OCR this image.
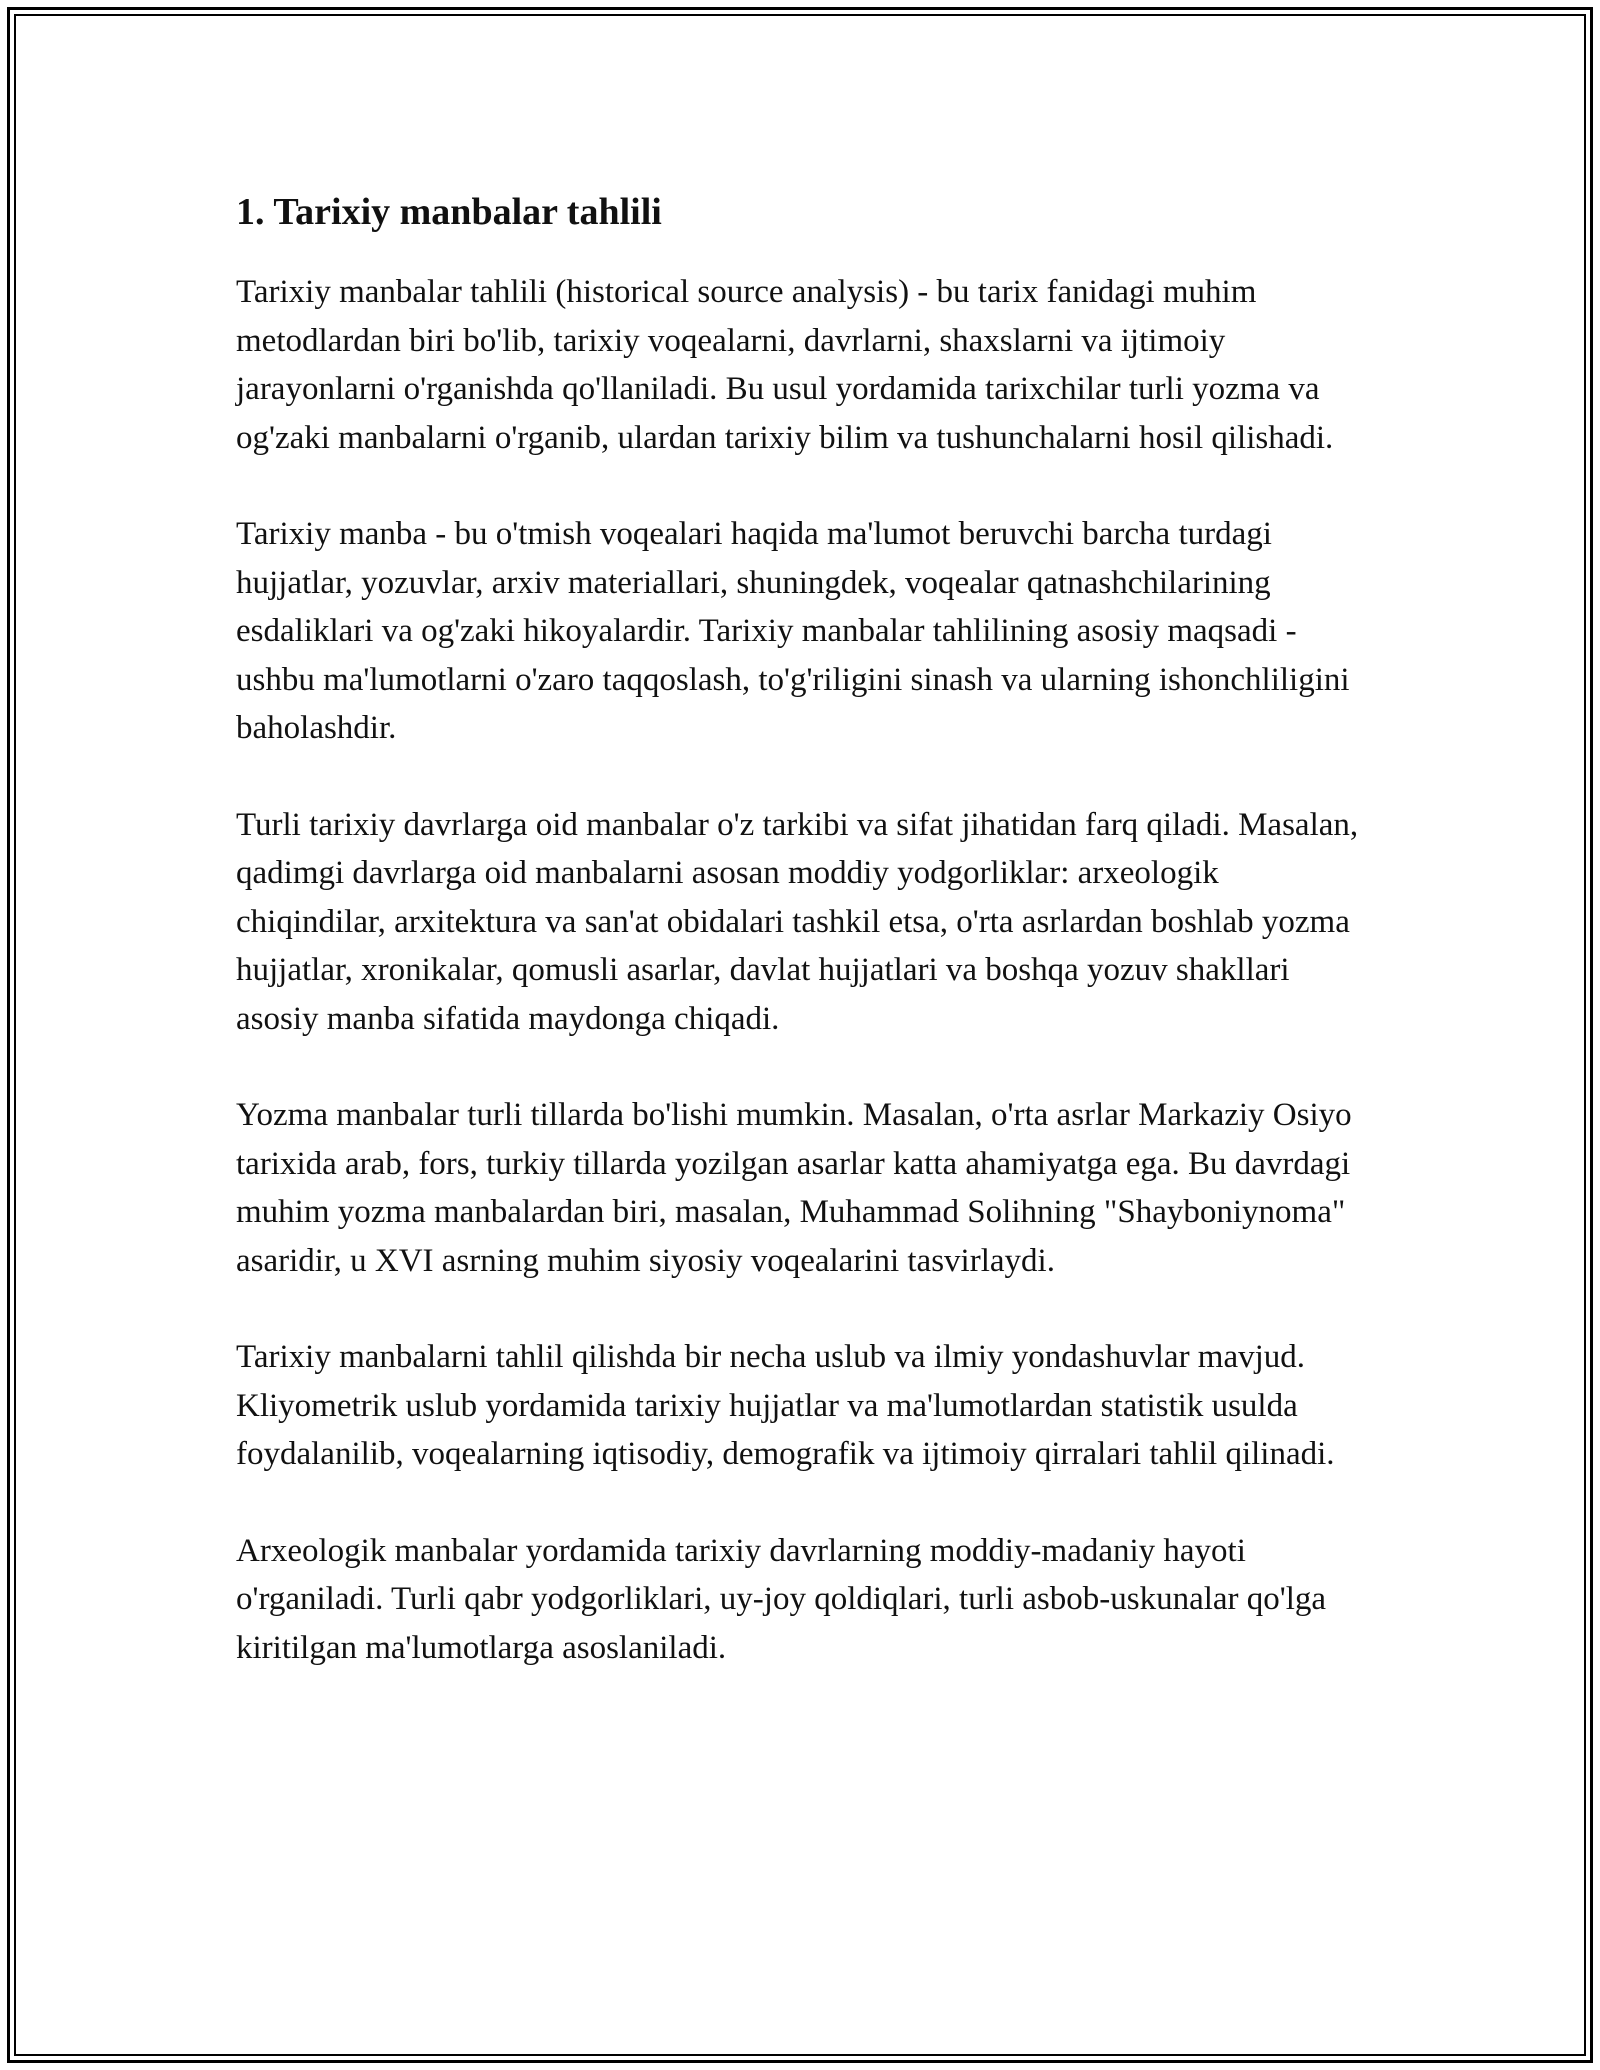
1. Tarixiy manbalar tahlili

Tarixiy manbalar tahlili (historical source analysis) - bu tarix fanidagi muhim metodlardan biri bo'lib, tarixiy voqealarni, davrlarni, shaxslarni va ijtimoiy jarayonlarni o'rganishda qo'llaniladi. Bu usul yordamida tarixchilar turli yozma va og'zaki manbalarni o'rganib, ulardan tarixiy bilim va tushunchalarni hosil qilishadi.

Tarixiy manba - bu o'tmish voqealari haqida ma'lumot beruvchi barcha turdagi hujjatlar, yozuvlar, arxiv materiallari, shuningdek, voqealar qatnashchilarining esdaliklari va og'zaki hikoyalardir. Tarixiy manbalar tahlilining asosiy maqsadi - ushbu ma'lumotlarni o'zaro taqqoslash, to'g'riligini sinash va ularning ishonchliligini baholashdir.

Turli tarixiy davrlarga oid manbalar o'z tarkibi va sifat jihatidan farq qiladi. Masalan, qadimgi davrlarga oid manbalarni asosan moddiy yodgorliklar: arxeologik chiqindilar, arxitektura va san'at obidalari tashkil etsa, o'rta asrlardan boshlab yozma hujjatlar, xronikalar, qomusli asarlar, davlat hujjatlari va boshqa yozuv shakllari asosiy manba sifatida maydonga chiqadi.

Yozma manbalar turli tillarda bo'lishi mumkin. Masalan, o'rta asrlar Markaziy Osiyo tarixida arab, fors, turkiy tillarda yozilgan asarlar katta ahamiyatga ega. Bu davrdagi muhim yozma manbalardan biri, masalan, Muhammad Solihning "Shayboniynoma" asaridir, u XVI asrning muhim siyosiy voqealarini tasvirlaydi.

Tarixiy manbalarni tahlil qilishda bir necha uslub va ilmiy yondashuvlar mavjud. Kliyometrik uslub yordamida tarixiy hujjatlar va ma'lumotlardan statistik usulda foydalanilib, voqealarning iqtisodiy, demografik va ijtimoiy qirralari tahlil qilinadi.

Arxeologik manbalar yordamida tarixiy davrlarning moddiy-madaniy hayoti o'rganiladi. Turli qabr yodgorliklari, uy-joy qoldiqlari, turli asbob-uskunalar qo'lga kiritilgan ma'lumotlarga asoslaniladi.
